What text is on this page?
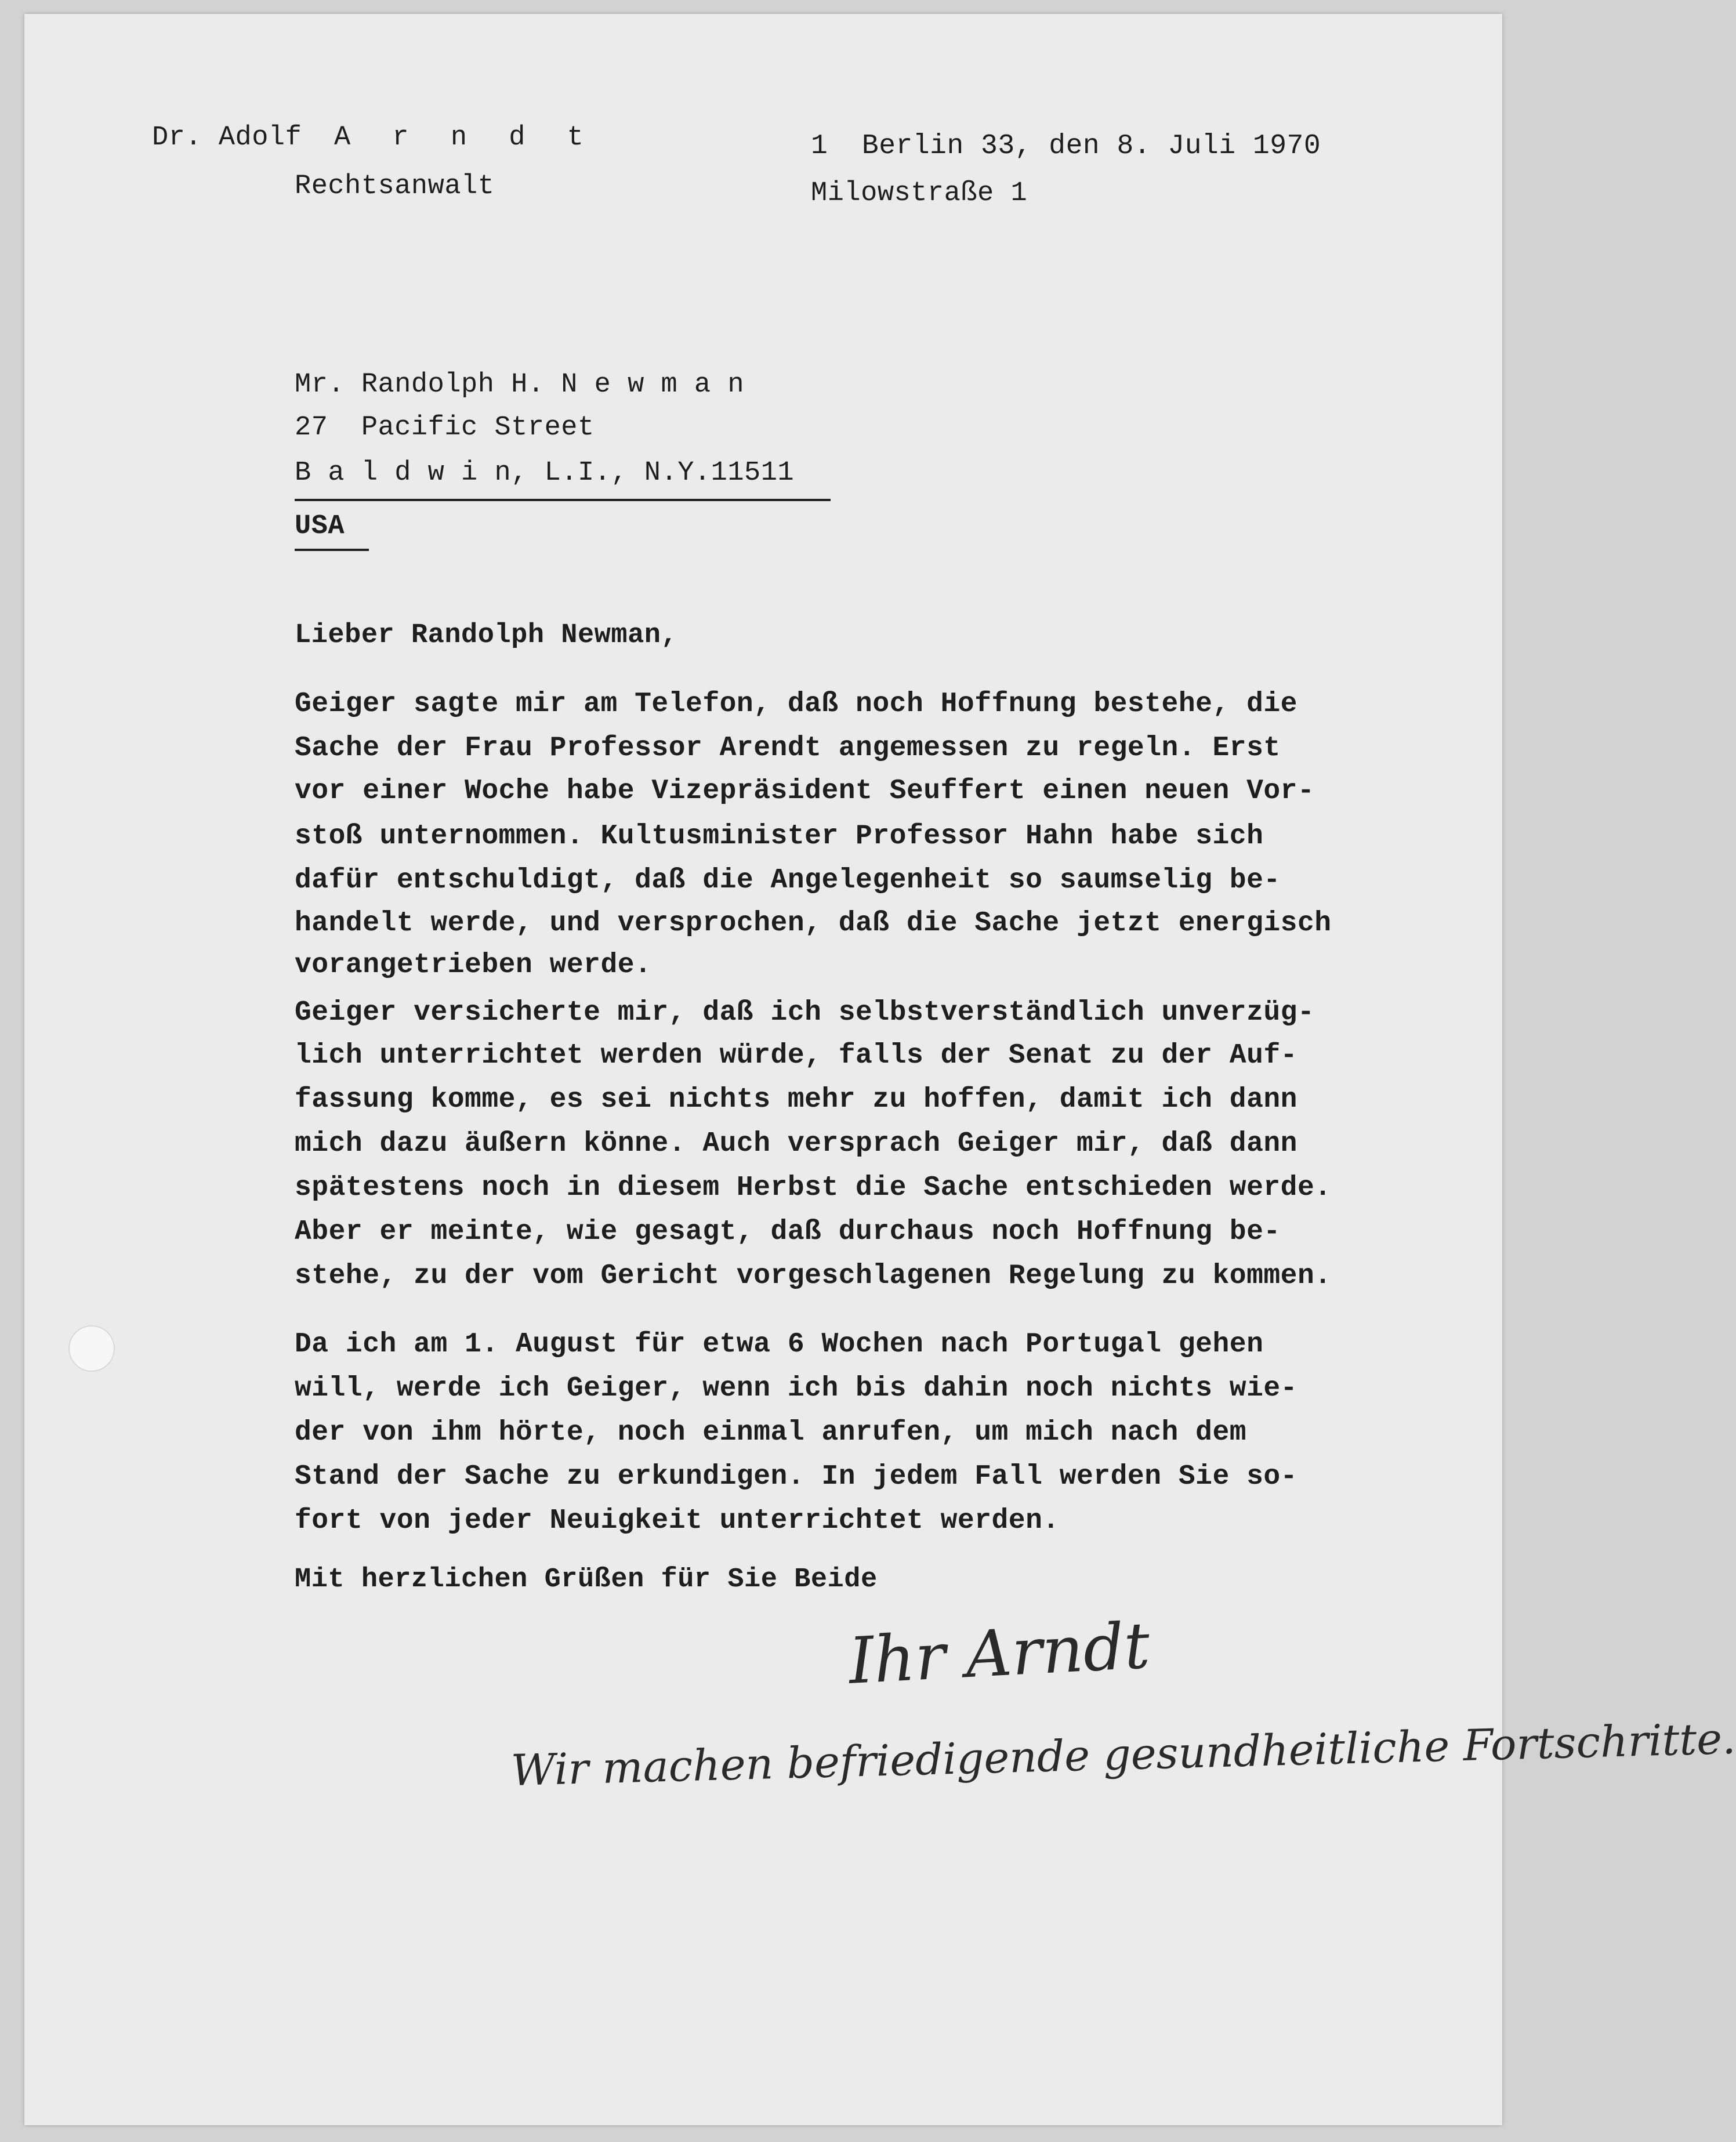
Dr. Adolf A r n d t
Rechtsanwalt
1  Berlin 33, den 8. Juli 1970
Milowstraße 1
Mr. Randolph H. N e w m a n
27  Pacific Street
B a l d w i n, L.I., N.Y.11511
USA
Lieber Randolph Newman,
Geiger sagte mir am Telefon, daß noch Hoffnung bestehe, die
Sache der Frau Professor Arendt angemessen zu regeln. Erst
vor einer Woche habe Vizepräsident Seuffert einen neuen Vor-
stoß unternommen. Kultusminister Professor Hahn habe sich
dafür entschuldigt, daß die Angelegenheit so saumselig be-
handelt werde, und versprochen, daß die Sache jetzt energisch
vorangetrieben werde.
Geiger versicherte mir, daß ich selbstverständlich unverzüg-
lich unterrichtet werden würde, falls der Senat zu der Auf-
fassung komme, es sei nichts mehr zu hoffen, damit ich dann
mich dazu äußern könne. Auch versprach Geiger mir, daß dann
spätestens noch in diesem Herbst die Sache entschieden werde.
Aber er meinte, wie gesagt, daß durchaus noch Hoffnung be-
stehe, zu der vom Gericht vorgeschlagenen Regelung zu kommen.
Da ich am 1. August für etwa 6 Wochen nach Portugal gehen
will, werde ich Geiger, wenn ich bis dahin noch nichts wie-
der von ihm hörte, noch einmal anrufen, um mich nach dem
Stand der Sache zu erkundigen. In jedem Fall werden Sie so-
fort von jeder Neuigkeit unterrichtet werden.
Mit herzlichen Grüßen für Sie Beide
Ihr Arndt
Wir machen befriedigende gesundheitliche Fortschritte.
